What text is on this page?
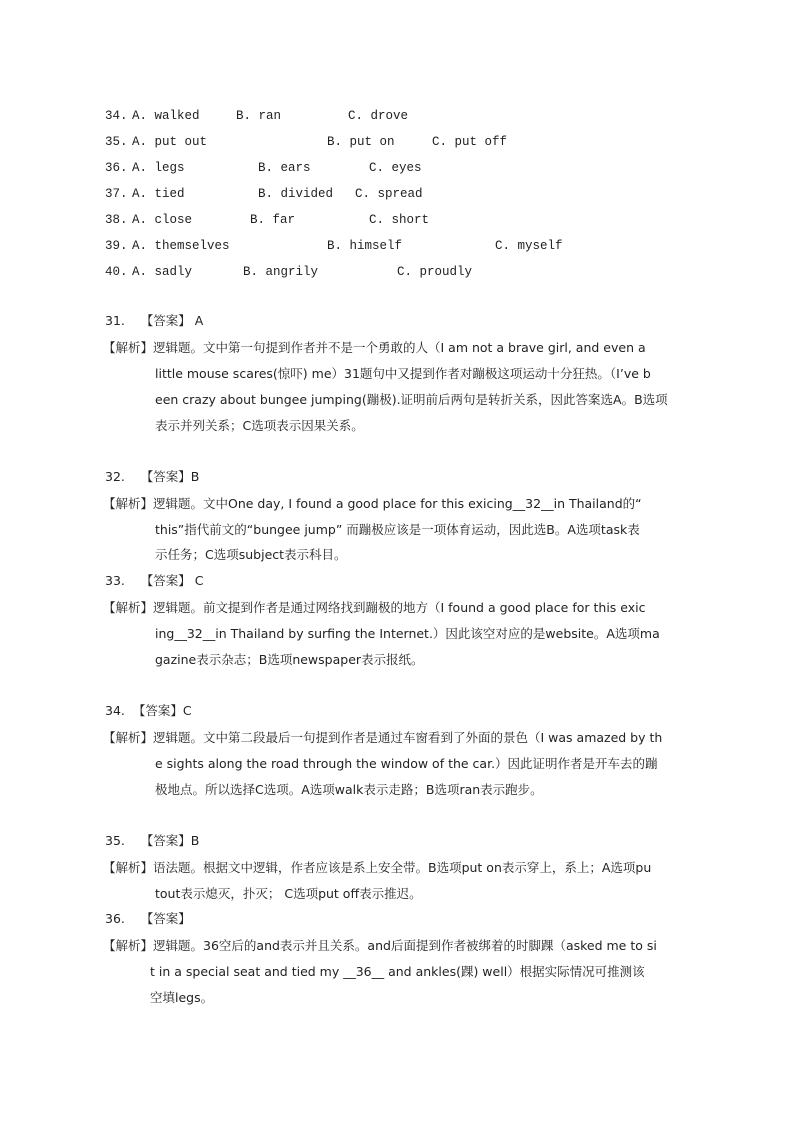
34. A. walked	B. ran	C. drove
35. A. put out	B. put on	C. put off
36. A. legs	B. ears	C. eyes
37. A. tied	B. divided C. spread
38. A. close	B. far	C. short
39. A. themselves	B. himself	C. myself
40. A. sadly	B. angrily	C. proudly
31.    【答案】 A
【解析】逻辑题。文中第一句提到作者并不是一个勇敢的人（I am not a brave girl, and even a
little mouse scares(惊吓) me）31题句中又提到作者对蹦极这项运动十分狂热。（I’ve b
een crazy about bungee jumping(蹦极).证明前后两句是转折关系，因此答案选A。B选项
表示并列关系；C选项表示因果关系。
32.    【答案】B
【解析】逻辑题。文中One day, I found a good place for this exicing__32__in Thailand的“
this”指代前文的“bungee jump” 而蹦极应该是一项体育运动，因此选B。A选项task表
示任务；C选项subject表示科目。
33.    【答案】 C
【解析】逻辑题。前文提到作者是通过网络找到蹦极的地方（I found a good place for this exic
ing__32__in Thailand by surfing the Internet.）因此该空对应的是website。A选项ma
gazine表示杂志；B选项newspaper表示报纸。
34.  【答案】C
【解析】逻辑题。文中第二段最后一句提到作者是通过车窗看到了外面的景色（I was amazed by th
e sights along the road through the window of the car.）因此证明作者是开车去的蹦
极地点。所以选择C选项。A选项walk表示走路；B选项ran表示跑步。
35.    【答案】B
【解析】语法题。根据文中逻辑，作者应该是系上安全带。B选项put on表示穿上，系上；A选项pu
tout表示熄灭，扑灭； C选项put off表示推迟。
36.    【答案】
【解析】逻辑题。36空后的and表示并且关系。and后面提到作者被绑着的时脚踝（asked me to si
t in a special seat and tied my __36__ and ankles(踝) well）根据实际情况可推测该
空填legs。
